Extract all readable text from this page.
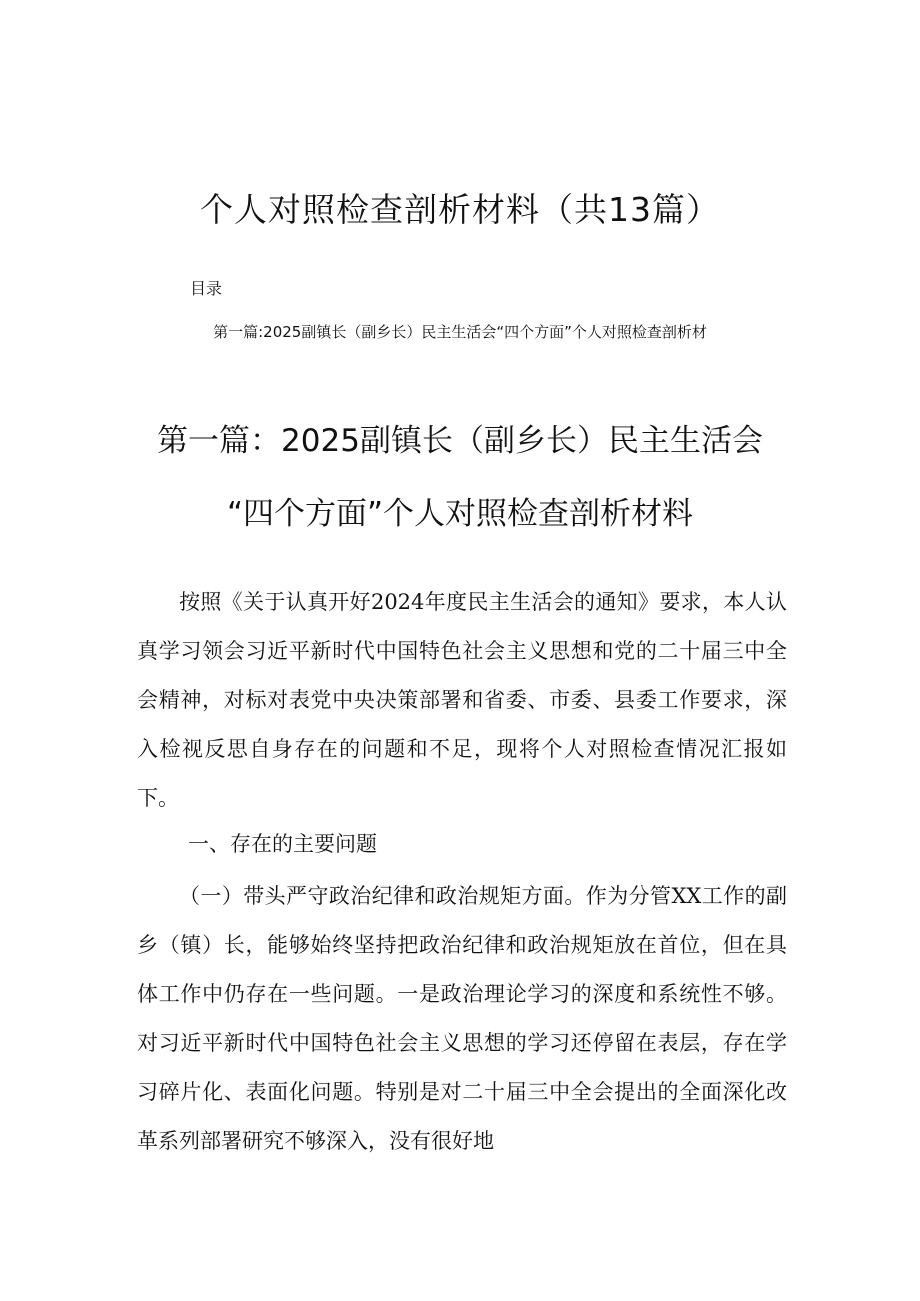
个人对照检查剖析材料（共13篇）
目录
第一篇:2025副镇长（副乡长）民主生活会“四个方面”个人对照检查剖析材
第一篇：2025副镇长（副乡长）民主生活会
“四个方面”个人对照检查剖析材料
按照《关于认真开好2024年度民主生活会的通知》要求，本人认真学习领会习近平新时代中国特色社会主义思想和党的二十届三中全会精神，对标对表党中央决策部署和省委、市委、县委工作要求，深入检视反思自身存在的问题和不足，现将个人对照检查情况汇报如下。
一、存在的主要问题
（一）带头严守政治纪律和政治规矩方面。作为分管XX工作的副乡（镇）长，能够始终坚持把政治纪律和政治规矩放在首位，但在具体工作中仍存在一些问题。一是政治理论学习的深度和系统性不够。对习近平新时代中国特色社会主义思想的学习还停留在表层，存在学习碎片化、表面化问题。特别是对二十届三中全会提出的全面深化改革系列部署研究不够深入，没有很好地
